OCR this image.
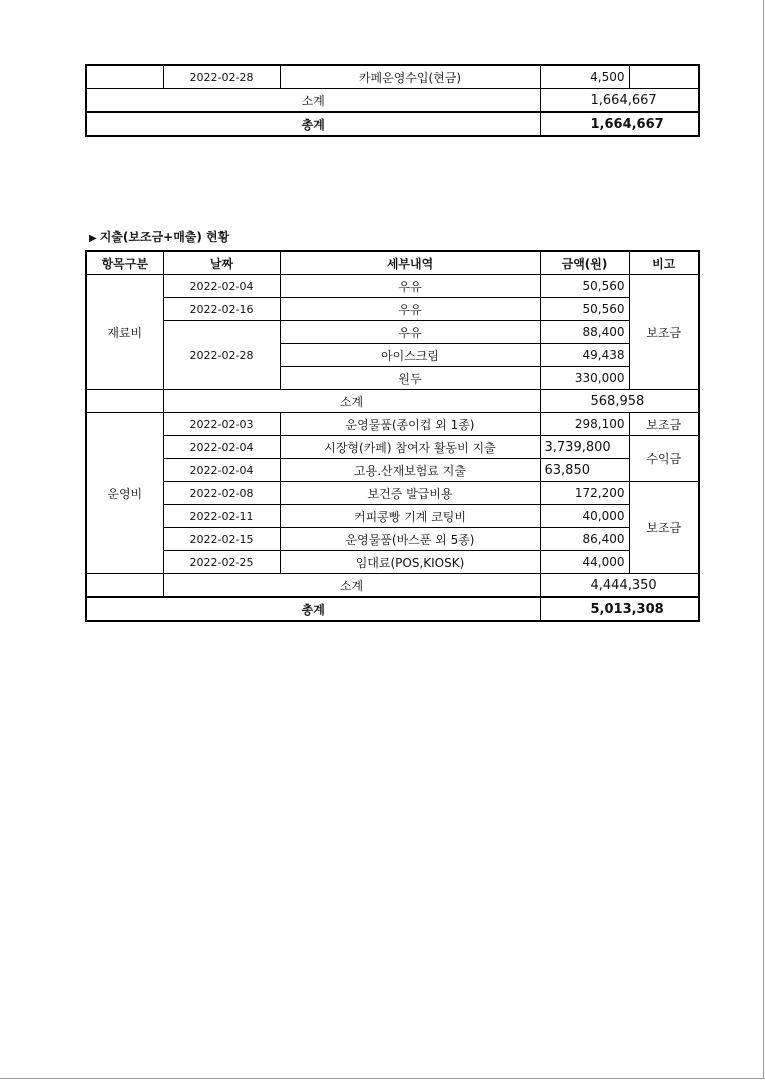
	2022-02-28	카페운영수입(현금)	4,500	
소계			1,664,667	
총계			1,664,667	
▶ 지출(보조금+매출) 현황
항목구분	날짜	세부내역	금액(원)	비고
재료비	2022-02-04	우유	50,560	보조금
	2022-02-16	우유	50,560	
	2022-02-28	우유	88,400	
		아이스크림	49,438	
		원두	330,000	
	소계		568,958	
운영비	2022-02-03	운영물품(종이컵 외 1종)	298,100	보조금
	2022-02-04	시장형(카페) 참여자 활동비 지출	3,739,800	수익금
	2022-02-04	고용.산재보험료 지출	63,850	
	2022-02-08	보건증 발급비용	172,200	보조금
	2022-02-11	커피콩빵 기계 코팅비	40,000	
	2022-02-15	운영물품(바스푼 외 5종)	86,400	
	2022-02-25	임대료(POS,KIOSK)	44,000	
	소계		4,444,350	
총계			5,013,308	
